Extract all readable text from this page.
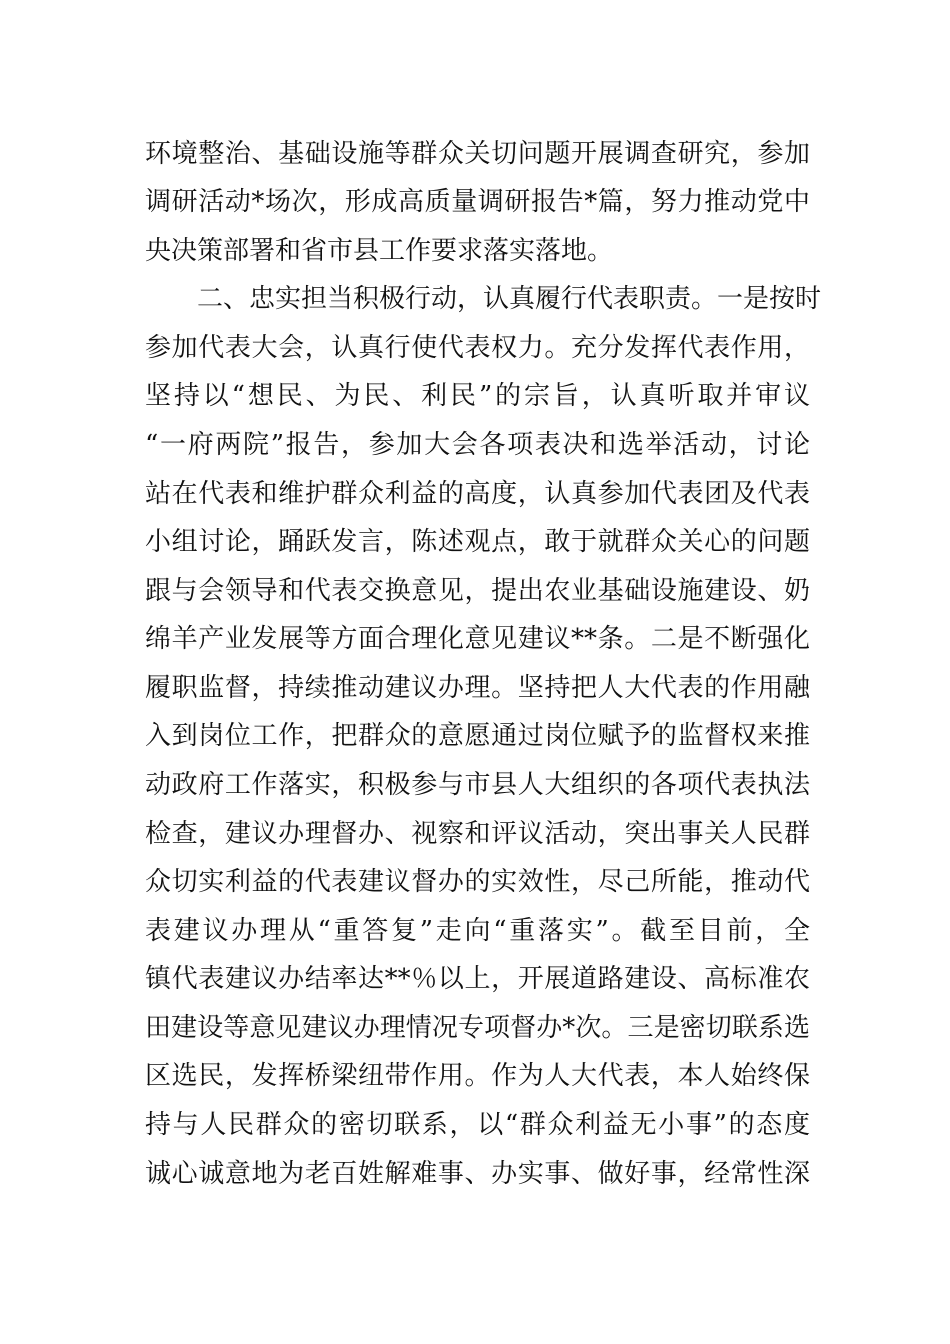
环境整治、基础设施等群众关切问题开展调查研究，参加
调研活动*场次，形成高质量调研报告*篇，努力推动党中
央决策部署和省市县工作要求落实落地。
二、忠实担当积极行动，认真履行代表职责。一是按时
参加代表大会，认真行使代表权力。充分发挥代表作用，
坚持以“想民、为民、利民”的宗旨，认真听取并审议
“一府两院”报告，参加大会各项表决和选举活动，讨论
站在代表和维护群众利益的高度，认真参加代表团及代表
小组讨论，踊跃发言，陈述观点，敢于就群众关心的问题
跟与会领导和代表交换意见，提出农业基础设施建设、奶
绵羊产业发展等方面合理化意见建议**条。二是不断强化
履职监督，持续推动建议办理。坚持把人大代表的作用融
入到岗位工作，把群众的意愿通过岗位赋予的监督权来推
动政府工作落实，积极参与市县人大组织的各项代表执法
检查，建议办理督办、视察和评议活动，突出事关人民群
众切实利益的代表建议督办的实效性，尽己所能，推动代
表建议办理从“重答复”走向“重落实”。截至目前，全
镇代表建议办结率达**％以上，开展道路建设、高标准农
田建设等意见建议办理情况专项督办*次。三是密切联系选
区选民，发挥桥梁纽带作用。作为人大代表，本人始终保
持与人民群众的密切联系，以“群众利益无小事”的态度
诚心诚意地为老百姓解难事、办实事、做好事，经常性深
